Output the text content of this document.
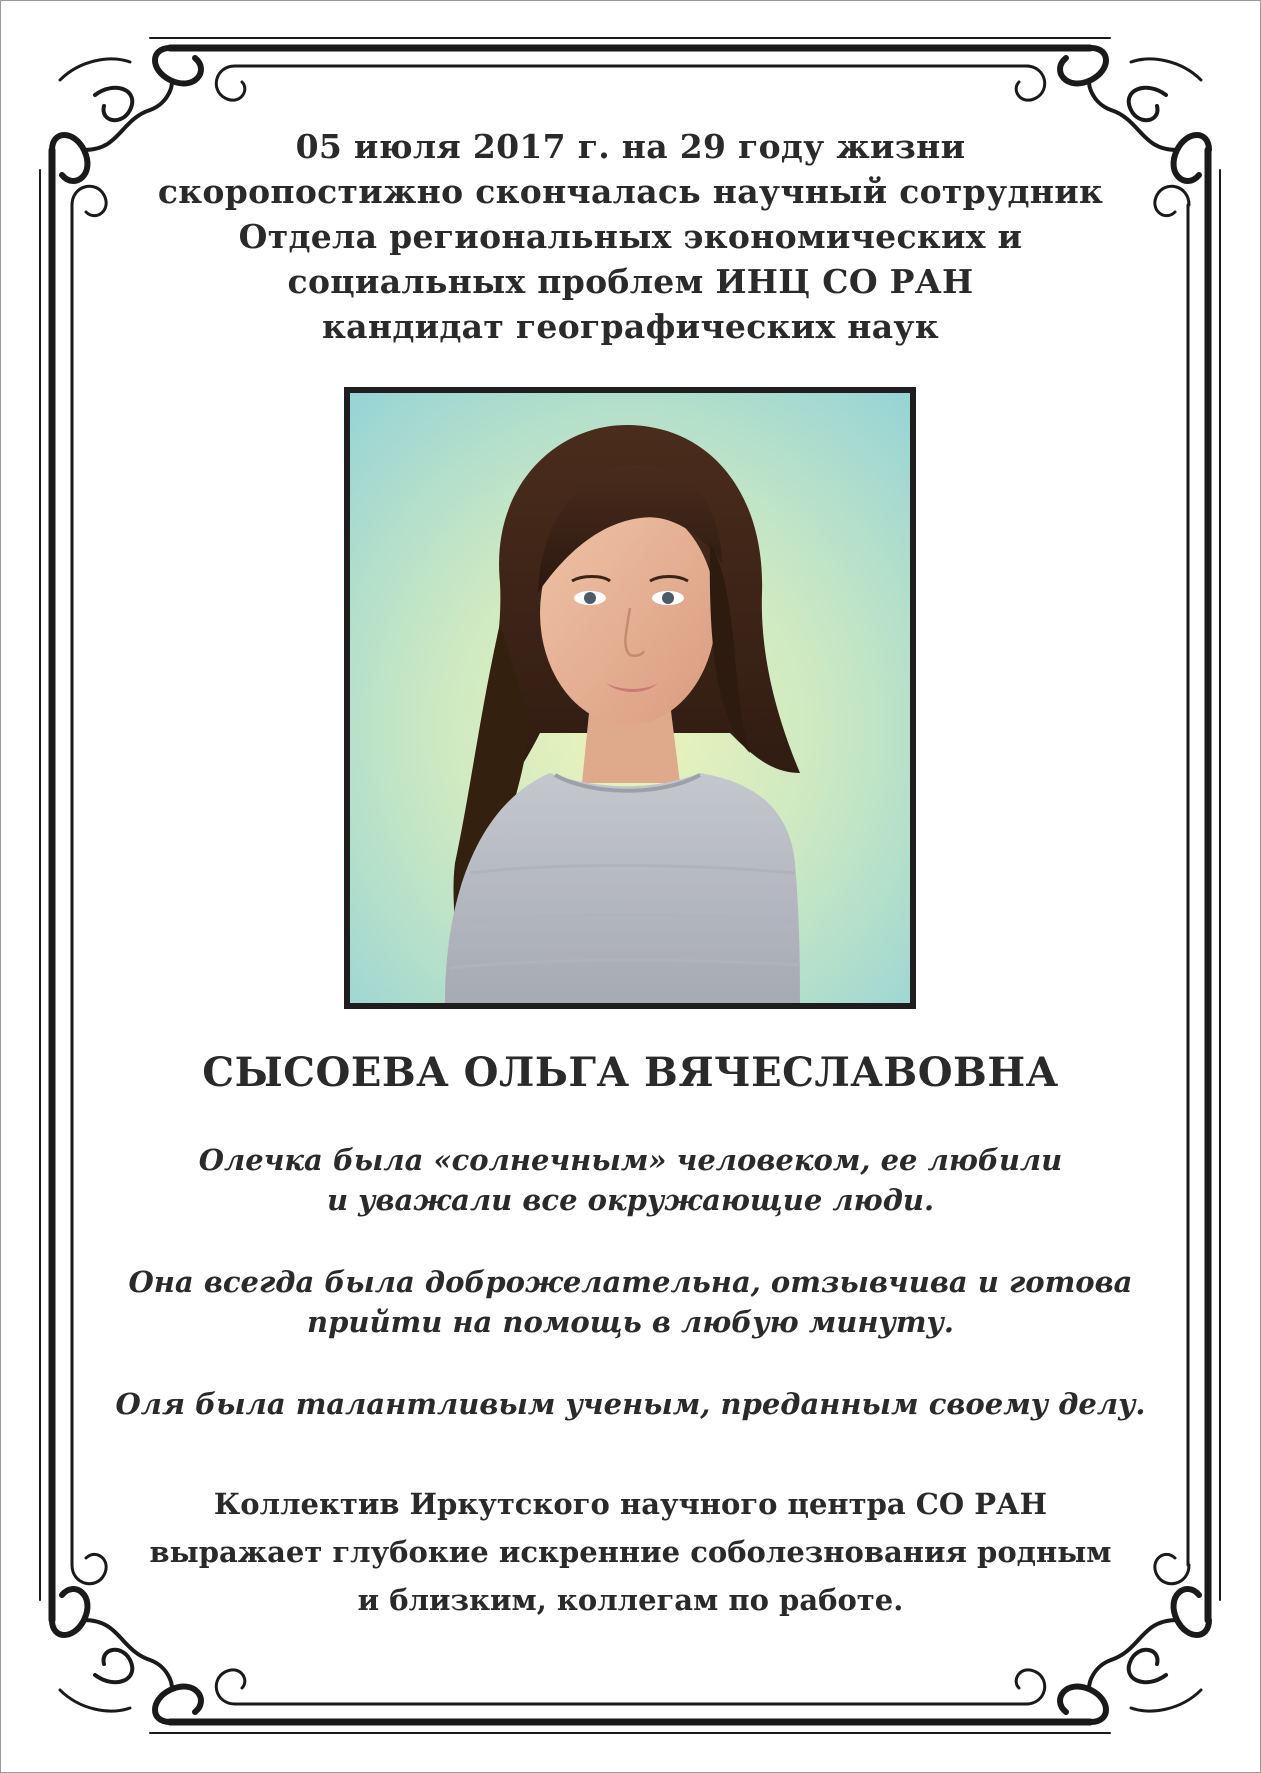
05 июля 2017 г. на 29 году жизни
скоропостижно скончалась научный сотрудник
Отдела региональных экономических и
социальных проблем ИНЦ СО РАН
кандидат географических наук
СЫСОЕВА ОЛЬГА ВЯЧЕСЛАВОВНА
Олечка была «солнечным» человеком, ее любили
и уважали все окружающие люди.
Она всегда была доброжелательна, отзывчива и готова
прийти на помощь в любую минуту.
Оля была талантливым ученым, преданным своему делу.
Коллектив Иркутского научного центра СО РАН
выражает глубокие искренние соболезнования родным
и близким, коллегам по работе.
